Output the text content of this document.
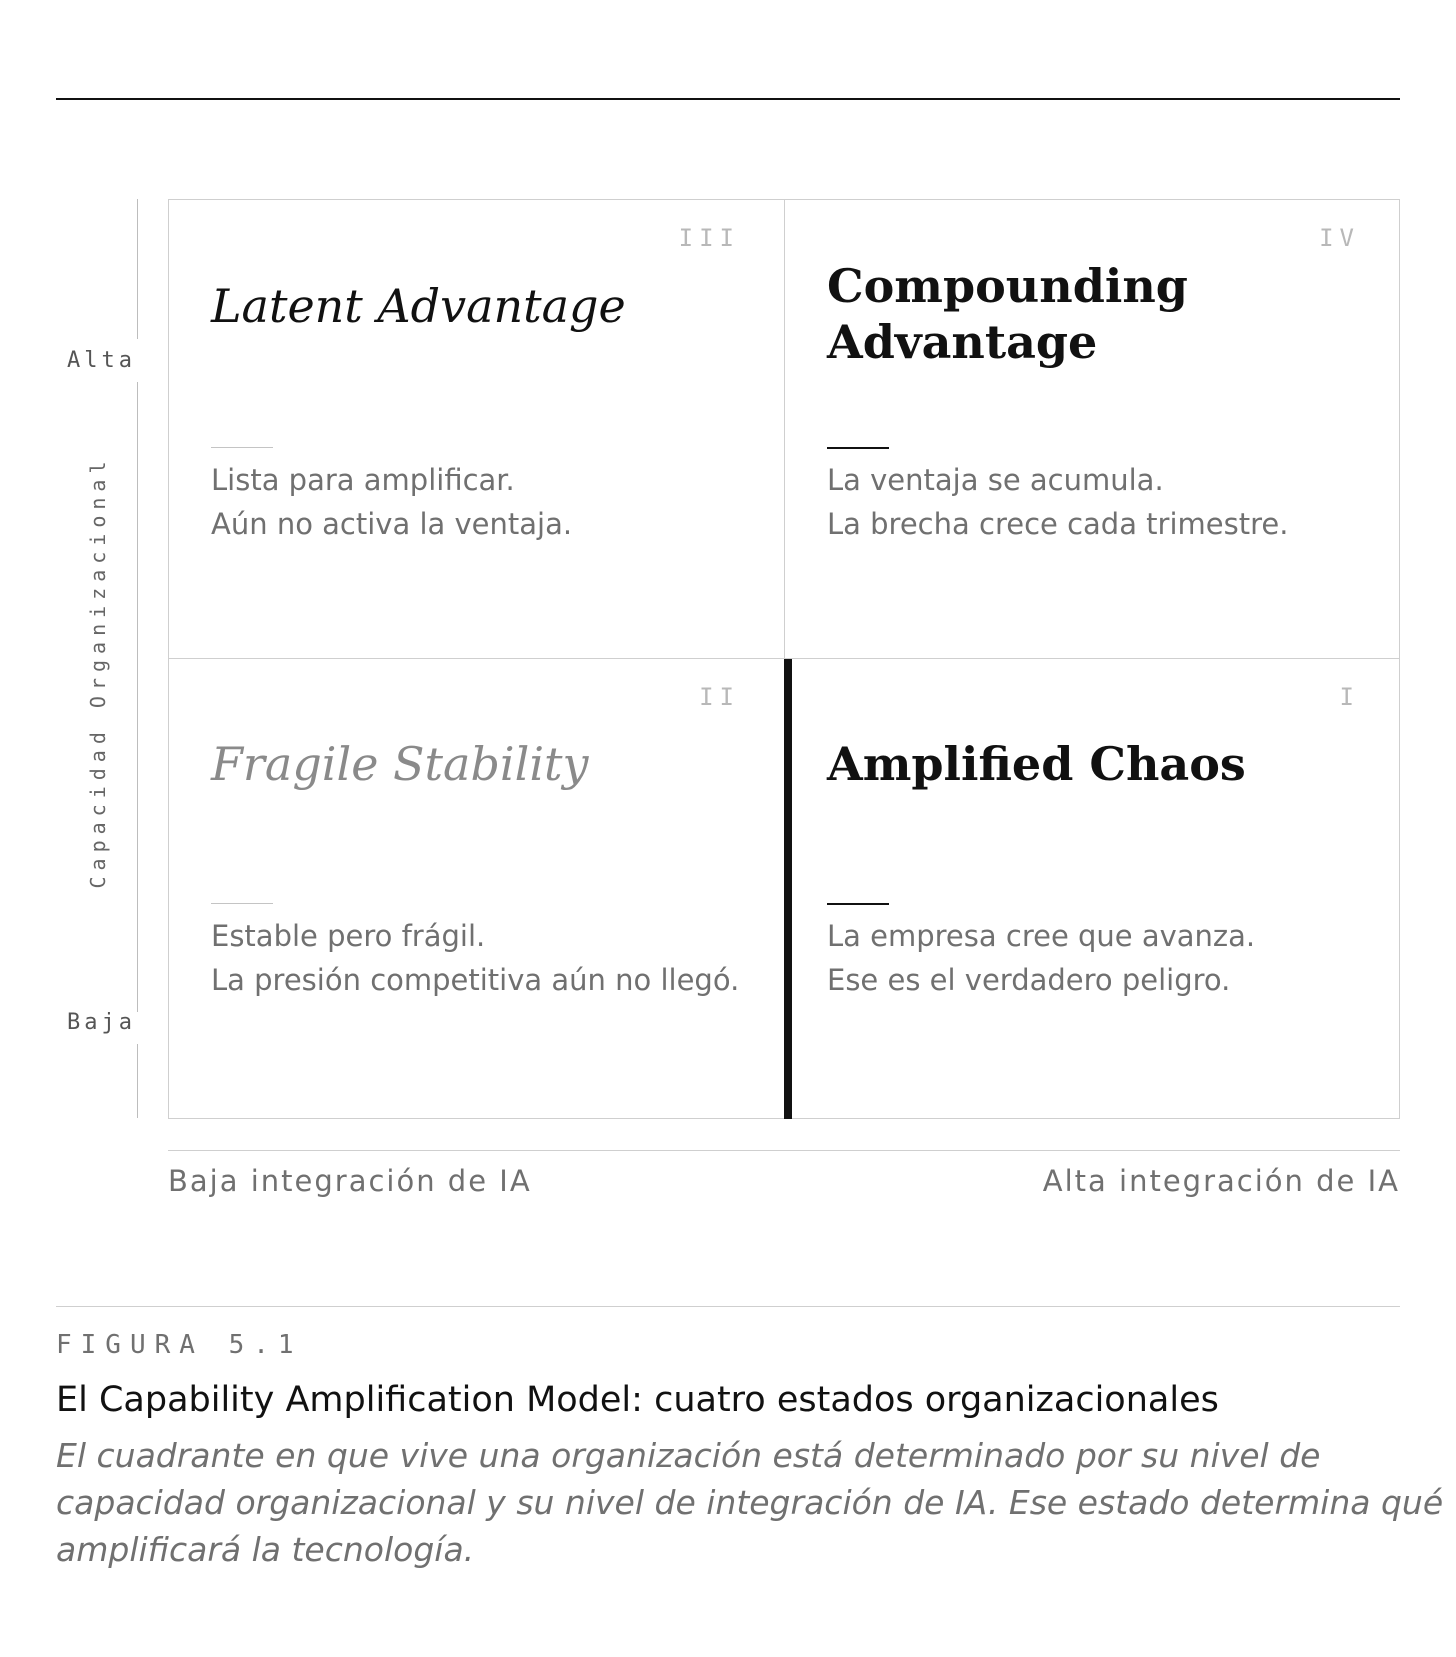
Alta
Baja
Capacidad Organizacional
III
Latent Advantage
Lista para amplificar.
Aún no activa la ventaja.
IV
Compounding
Advantage
La ventaja se acumula.
La brecha crece cada trimestre.
II
Fragile Stability
Estable pero frágil.
La presión competitiva aún no llegó.
I
Amplified Chaos
La empresa cree que avanza.
Ese es el verdadero peligro.
Baja integración de IA	Alta integración de IA
FIGURA 5.1
El Capability Amplification Model: cuatro estados organizacionales
El cuadrante en que vive una organización está determinado por su nivel de capacidad organizacional y su nivel de integración de IA. Ese estado determina qué amplificará la tecnología.
